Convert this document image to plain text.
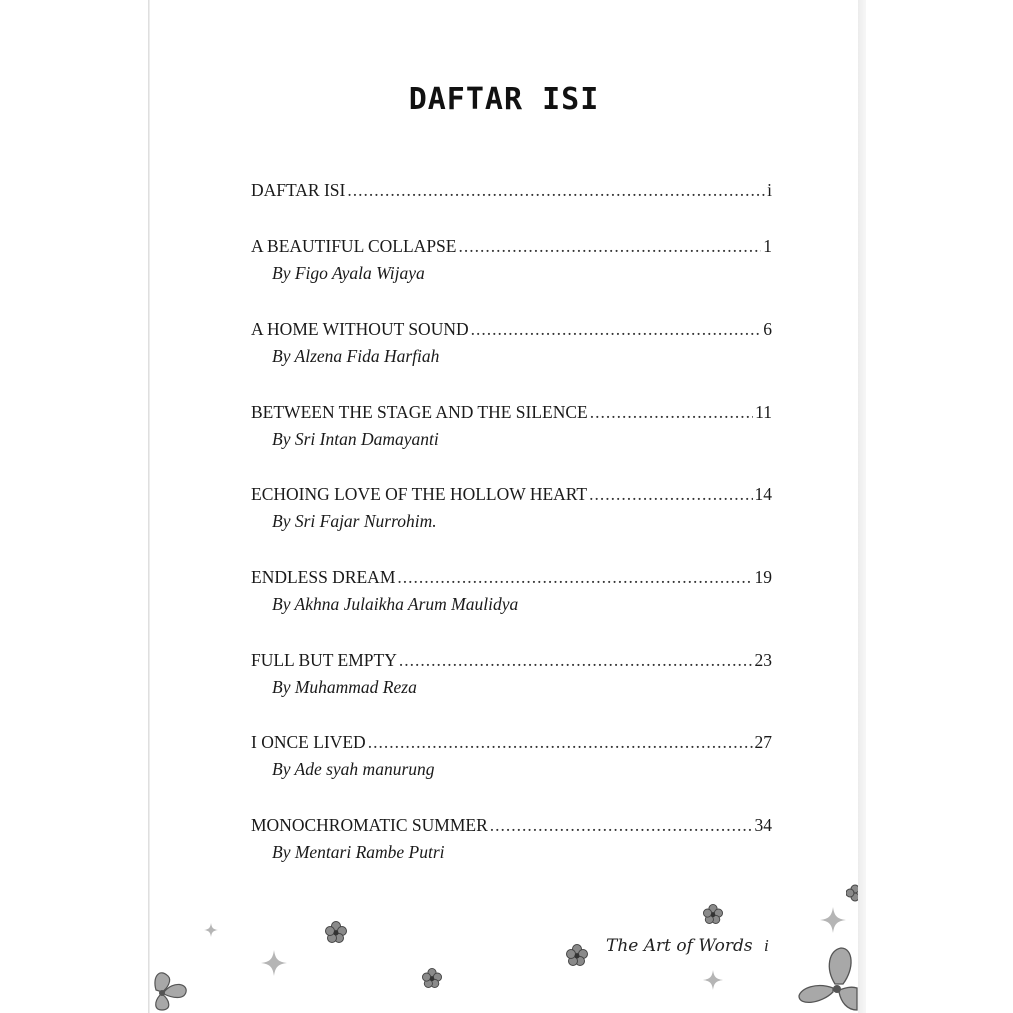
DAFTAR ISI
DAFTAR ISI .....	i
A BEAUTIFUL COLLAPSE .....	1
By Figo Ayala Wijaya
A HOME WITHOUT SOUND .....	6
By Alzena Fida Harfiah
BETWEEN THE STAGE AND THE SILENCE .....	11
By Sri Intan Damayanti
ECHOING LOVE OF THE HOLLOW HEART .....	14
By Sri Fajar Nurrohim.
ENDLESS DREAM .....	19
By Akhna Julaikha Arum Maulidya
FULL BUT EMPTY .....	23
By Muhammad Reza
I ONCE LIVED .....	27
By Ade syah manurung
MONOCHROMATIC SUMMER .....	34
By Mentari Rambe Putri
The Art of Words i
